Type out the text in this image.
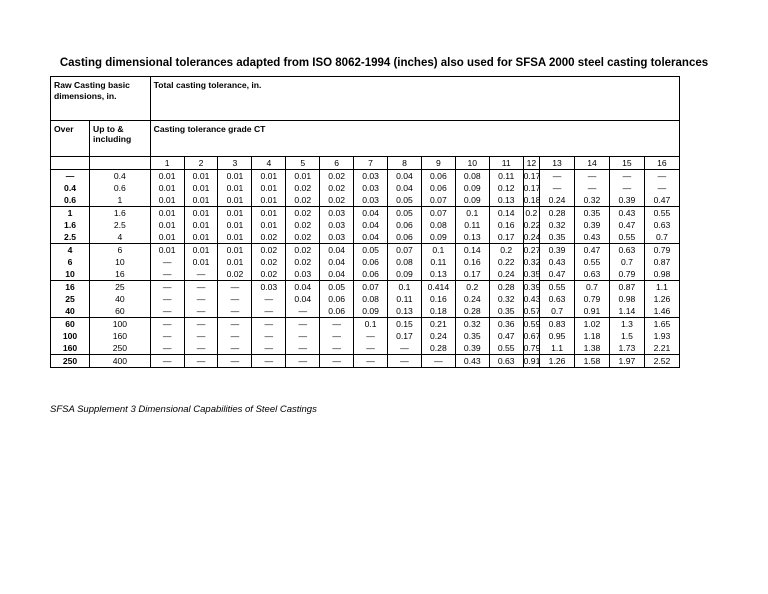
Casting dimensional tolerances adapted from ISO 8062-1994 (inches) also used for SFSA 2000 steel casting tolerances
Raw Casting basic dimensions, in.		Total casting tolerance, in.															
Over	Up to & including	Casting tolerance grade CT															
		1	2	3	4	5	6	7	8	9	10	11	12	13	14	15	16
—	0.4	0.01	0.01	0.01	0.01	0.01	0.02	0.03	0.04	0.06	0.08	0.11	0.17	—	—	—	—
0.4	0.6	0.01	0.01	0.01	0.01	0.02	0.02	0.03	0.04	0.06	0.09	0.12	0.17	—	—	—	—
0.6	1	0.01	0.01	0.01	0.01	0.02	0.02	0.03	0.05	0.07	0.09	0.13	0.18	0.24	0.32	0.39	0.47
1	1.6	0.01	0.01	0.01	0.01	0.02	0.03	0.04	0.05	0.07	0.1	0.14	0.2	0.28	0.35	0.43	0.55
1.6	2.5	0.01	0.01	0.01	0.01	0.02	0.03	0.04	0.06	0.08	0.11	0.16	0.22	0.32	0.39	0.47	0.63
2.5	4	0.01	0.01	0.01	0.02	0.02	0.03	0.04	0.06	0.09	0.13	0.17	0.24	0.35	0.43	0.55	0.7
4	6	0.01	0.01	0.01	0.02	0.02	0.04	0.05	0.07	0.1	0.14	0.2	0.27	0.39	0.47	0.63	0.79
6	10	—	0.01	0.01	0.02	0.02	0.04	0.06	0.08	0.11	0.16	0.22	0.32	0.43	0.55	0.7	0.87
10	16	—	—	0.02	0.02	0.03	0.04	0.06	0.09	0.13	0.17	0.24	0.35	0.47	0.63	0.79	0.98
16	25	—	—	—	0.03	0.04	0.05	0.07	0.1	0.414	0.2	0.28	0.39	0.55	0.7	0.87	1.1
25	40	—	—	—	—	0.04	0.06	0.08	0.11	0.16	0.24	0.32	0.43	0.63	0.79	0.98	1.26
40	60	—	—	—	—	—	0.06	0.09	0.13	0.18	0.28	0.35	0.57	0.7	0.91	1.14	1.46
60	100	—	—	—	—	—	—	0.1	0.15	0.21	0.32	0.36	0.59	0.83	1.02	1.3	1.65
100	160	—	—	—	—	—	—	—	0.17	0.24	0.35	0.47	0.67	0.95	1.18	1.5	1.93
160	250	—	—	—	—	—	—	—	—	0.28	0.39	0.55	0.79	1.1	1.38	1.73	2.21
250	400	—	—	—	—	—	—	—	—	—	0.43	0.63	0.91	1.26	1.58	1.97	2.52
SFSA Supplement 3 Dimensional Capabilities of Steel Castings
